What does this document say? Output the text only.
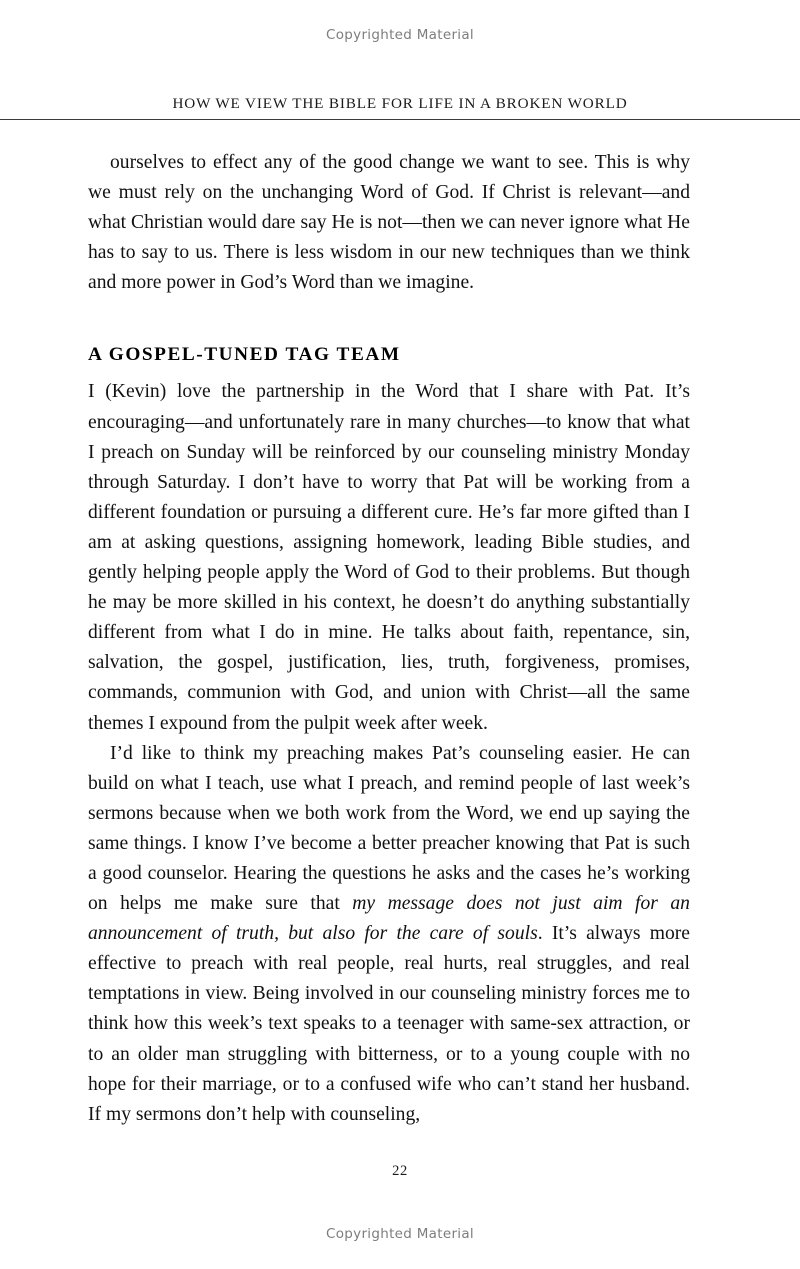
Copyrighted Material
HOW WE VIEW THE BIBLE FOR LIFE IN A BROKEN WORLD

ourselves to effect any of the good change we want to see. This is why we must rely on the unchanging Word of God. If Christ is relevant—and what Christian would dare say He is not—then we can never ignore what He has to say to us. There is less wisdom in our new techniques than we think and more power in God’s Word than we imagine.

A GOSPEL-TUNED TAG TEAM

I (Kevin) love the partnership in the Word that I share with Pat. It’s encouraging—and unfortunately rare in many churches—to know that what I preach on Sunday will be reinforced by our counseling ministry Monday through Saturday. I don’t have to worry that Pat will be working from a different foundation or pursuing a different cure. He’s far more gifted than I am at asking questions, assigning homework, leading Bible studies, and gently helping people apply the Word of God to their problems. But though he may be more skilled in his context, he doesn’t do anything substantially different from what I do in mine. He talks about faith, repentance, sin, salvation, the gospel, justification, lies, truth, forgiveness, promises, commands, communion with God, and union with Christ—all the same themes I expound from the pulpit week after week.

I’d like to think my preaching makes Pat’s counseling easier. He can build on what I teach, use what I preach, and remind people of last week’s sermons because when we both work from the Word, we end up saying the same things. I know I’ve become a better preacher knowing that Pat is such a good counselor. Hearing the questions he asks and the cases he’s working on helps me make sure that my message does not just aim for an announcement of truth, but also for the care of souls. It’s always more effective to preach with real people, real hurts, real struggles, and real temptations in view. Being involved in our counseling ministry forces me to think how this week’s text speaks to a teenager with same-sex attraction, or to an older man struggling with bitterness, or to a young couple with no hope for their marriage, or to a confused wife who can’t stand her husband. If my sermons don’t help with counseling,

22
Copyrighted Material
